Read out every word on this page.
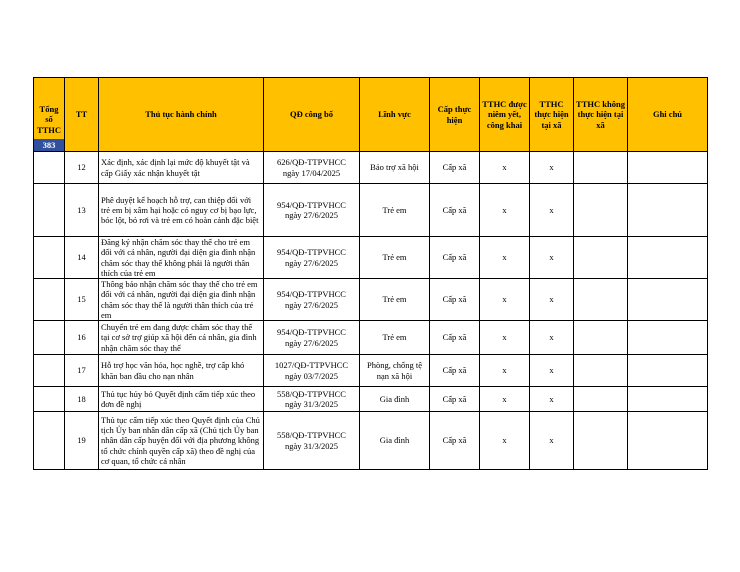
Tổng số TTHC
383	TT	Thủ tục hành chính	QĐ công bố	Lĩnh vực	Cấp thực hiện	TTHC được niêm yết, công khai	TTHC thực hiện tại xã	TTHC không thực hiện tại xã	Ghi chú
	12	Xác định, xác định lại mức độ khuyết tật và cấp Giấy xác nhận khuyết tật	626/QĐ-TTPVHCC
ngày 17/04/2025	Bảo trợ xã hội	Cấp xã	x	x		
	13	Phê duyệt kế hoạch hỗ trợ, can thiệp đối với trẻ em bị xâm hại hoặc có nguy cơ bị bạo lực, bóc lột, bỏ rơi và trẻ em có hoàn cảnh đặc biệt	954/QĐ-TTPVHCC
ngày 27/6/2025	Trẻ em	Cấp xã	x	x		
	14	Đăng ký nhận chăm sóc thay thế cho trẻ em đối với cá nhân, người đại diện gia đình nhận chăm sóc thay thế không phải là người thân thích của trẻ em	954/QĐ-TTPVHCC
ngày 27/6/2025	Trẻ em	Cấp xã	x	x		
	15	Thông báo nhận chăm sóc thay thế cho trẻ em đối với cá nhân, người đại diện gia đình nhận chăm sóc thay thế là người thân thích của trẻ em	954/QĐ-TTPVHCC
ngày 27/6/2025	Trẻ em	Cấp xã	x	x		
	16	Chuyển trẻ em đang được chăm sóc thay thế tại cơ sở trợ giúp xã hội đến cá nhân, gia đình nhận chăm sóc thay thế	954/QĐ-TTPVHCC
ngày 27/6/2025	Trẻ em	Cấp xã	x	x		
	17	Hỗ trợ học văn hóa, học nghề, trợ cấp khó khăn ban đầu cho nạn nhân	1027/QĐ-TTPVHCC
ngày 03/7/2025	Phòng, chống tệ nạn xã hội	Cấp xã	x	x		
	18	Thủ tục hủy bỏ Quyết định cấm tiếp xúc theo đơn đề nghị	558/QĐ-TTPVHCC
ngày 31/3/2025	Gia đình	Cấp xã	x	x		
	19	Thủ tục cấm tiếp xúc theo Quyết định của Chủ tịch Ủy ban nhân dân cấp xã (Chủ tịch Ủy ban nhân dân cấp huyện đối với địa phương không tổ chức chính quyền cấp xã) theo đề nghị của cơ quan, tổ chức cá nhân	558/QĐ-TTPVHCC
ngày 31/3/2025	Gia đình	Cấp xã	x	x		
